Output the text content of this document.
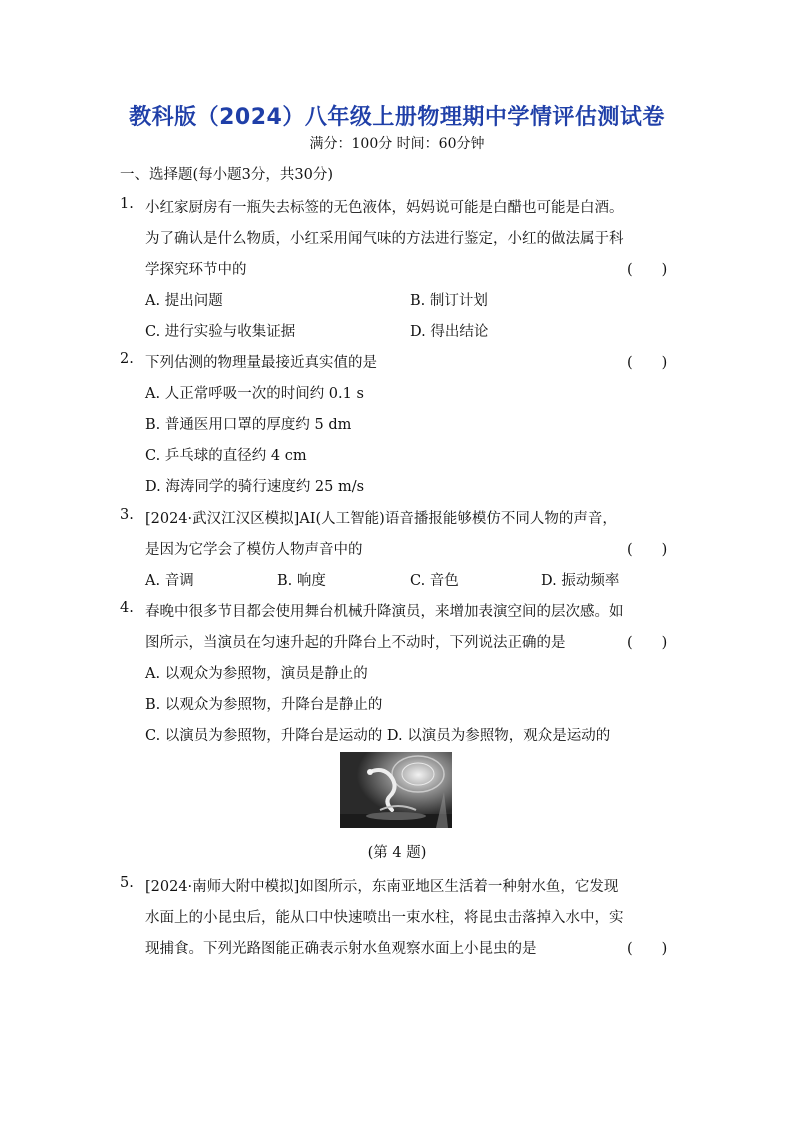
教科版（2024）八年级上册物理期中学情评估测试卷
满分：100分 时间：60分钟
一、选择题(每小题3分，共30分)
1. 小红家厨房有一瓶失去标签的无色液体，妈妈说可能是白醋也可能是白酒。
为了确认是什么物质，小红采用闻气味的方法进行鉴定，小红的做法属于科
学探究环节中的	(　　)
A. 提出问题	B. 制订计划
C. 进行实验与收集证据	D. 得出结论
2. 下列估测的物理量最接近真实值的是	(　　)
A. 人正常呼吸一次的时间约 0.1 s
B. 普通医用口罩的厚度约 5 dm
C. 乒乓球的直径约 4 cm
D. 海涛同学的骑行速度约 25 m/s
3. [2024·武汉江汉区模拟]AI(人工智能)语音播报能够模仿不同人物的声音，
是因为它学会了模仿人物声音中的	(　　)
A. 音调	B. 响度	C. 音色	D. 振动频率
4. 春晚中很多节目都会使用舞台机械升降演员，来增加表演空间的层次感。如
图所示，当演员在匀速升起的升降台上不动时，下列说法正确的是	(　　)
A. 以观众为参照物，演员是静止的
B. 以观众为参照物，升降台是静止的
C. 以演员为参照物，升降台是运动的 D. 以演员为参照物，观众是运动的
(第 4 题)
5. [2024·南师大附中模拟]如图所示，东南亚地区生活着一种射水鱼，它发现
水面上的小昆虫后，能从口中快速喷出一束水柱，将昆虫击落掉入水中，实
现捕食。下列光路图能正确表示射水鱼观察水面上小昆虫的是	(　　)
